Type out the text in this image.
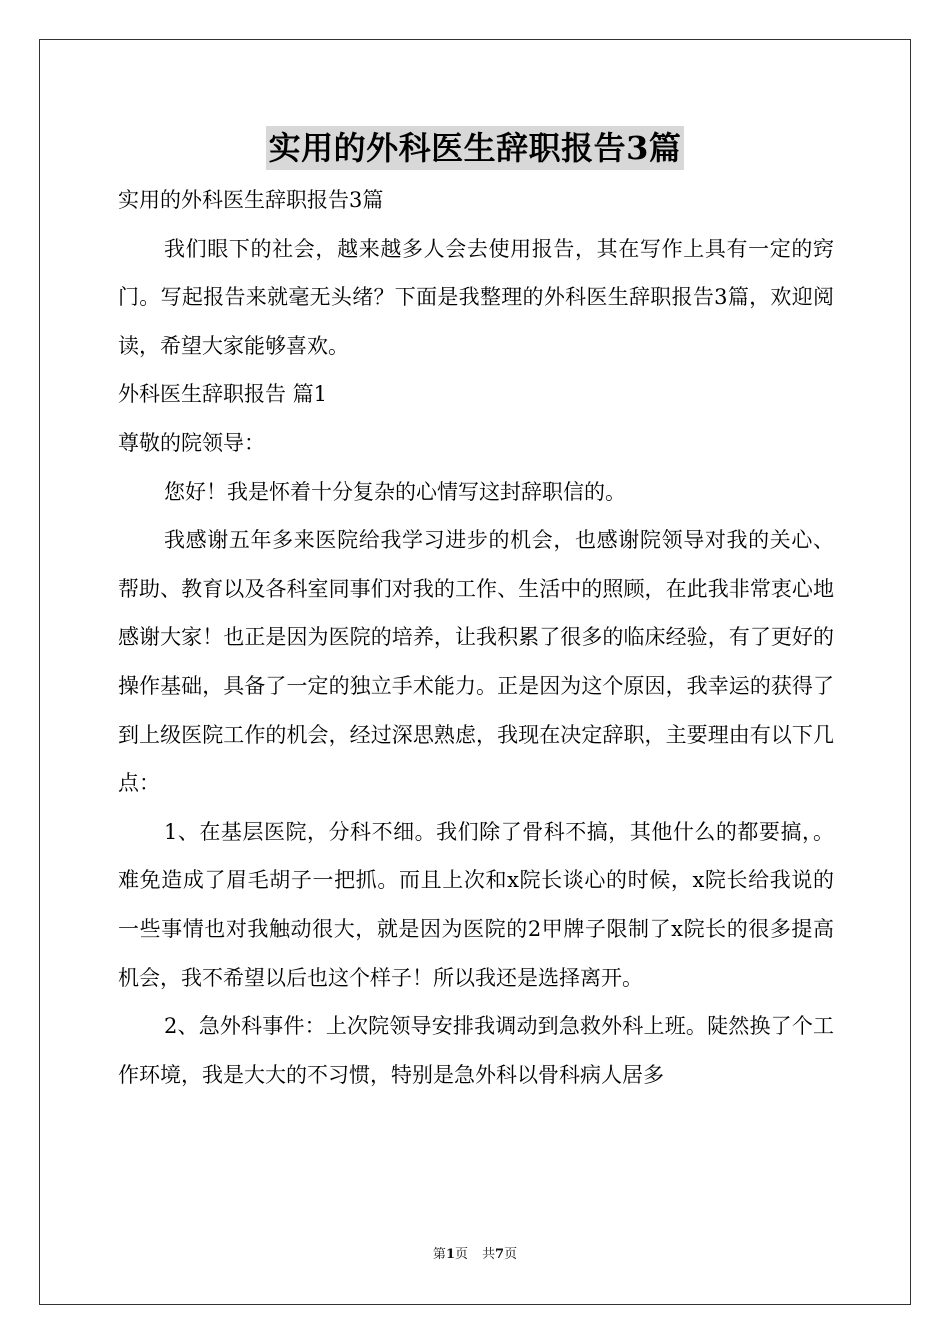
实用的外科医生辞职报告3篇

实用的外科医生辞职报告3篇

我们眼下的社会，越来越多人会去使用报告，其在写作上具有一定的窍门。写起报告来就毫无头绪？下面是我整理的外科医生辞职报告3篇，欢迎阅读，希望大家能够喜欢。

外科医生辞职报告 篇1

尊敬的院领导：

您好！我是怀着十分复杂的心情写这封辞职信的。

我感谢五年多来医院给我学习进步的机会，也感谢院领导对我的关心、帮助、教育以及各科室同事们对我的工作、生活中的照顾，在此我非常衷心地感谢大家！也正是因为医院的培养，让我积累了很多的临床经验，有了更好的操作基础，具备了一定的独立手术能力。正是因为这个原因，我幸运的获得了到上级医院工作的机会，经过深思熟虑，我现在决定辞职，主要理由有以下几点：

1、在基层医院，分科不细。我们除了骨科不搞，其他什么的都要搞，。难免造成了眉毛胡子一把抓。而且上次和x院长谈心的时候，x院长给我说的一些事情也对我触动很大，就是因为医院的2甲牌子限制了x院长的很多提高机会，我不希望以后也这个样子！所以我还是选择离开。

2、急外科事件：上次院领导安排我调动到急救外科上班。陡然换了个工作环境，我是大大的不习惯，特别是急外科以骨科病人居多

第1页 共7页
